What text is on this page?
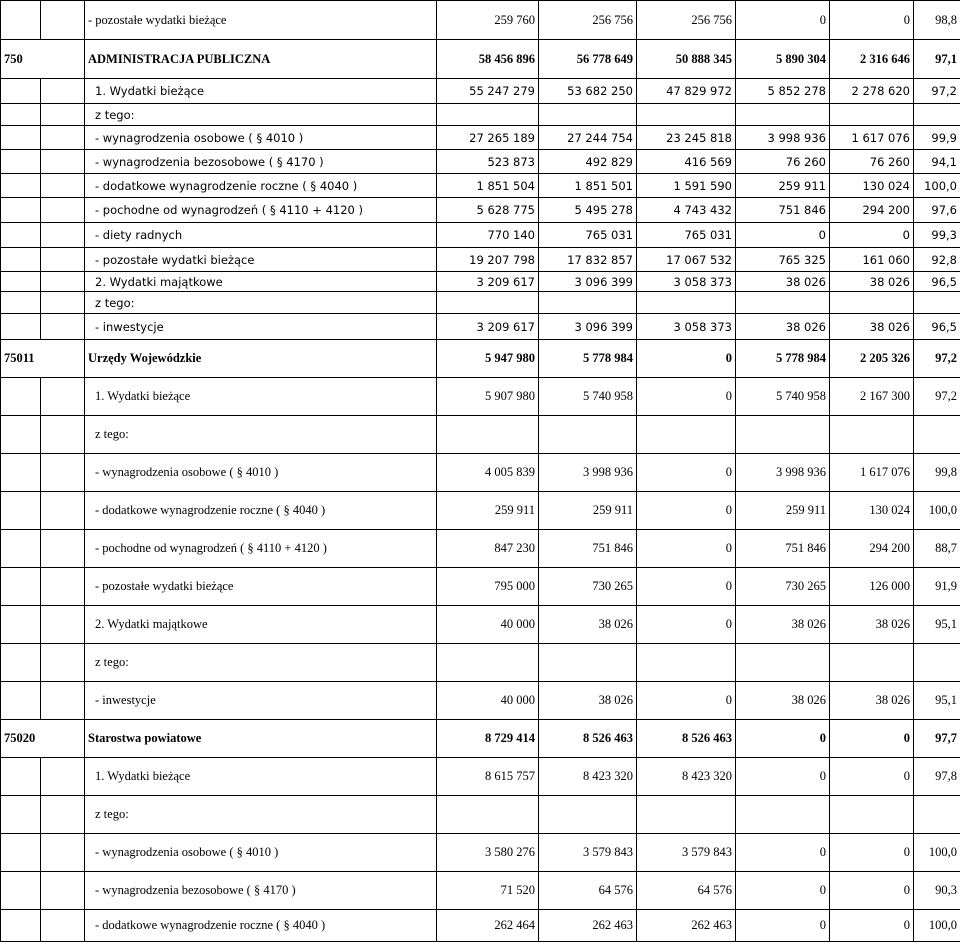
		- pozostałe wydatki bieżące	259 760	256 756	256 756	0	0	98,8
750		ADMINISTRACJA PUBLICZNA	58 456 896	56 778 649	50 888 345	5 890 304	2 316 646	97,1
		1. Wydatki bieżące	55 247 279	53 682 250	47 829 972	5 852 278	2 278 620	97,2
		z tego:						
		- wynagrodzenia osobowe ( § 4010 )	27 265 189	27 244 754	23 245 818	3 998 936	1 617 076	99,9
		- wynagrodzenia bezosobowe ( § 4170 )	523 873	492 829	416 569	76 260	76 260	94,1
		- dodatkowe wynagrodzenie roczne ( § 4040 )	1 851 504	1 851 501	1 591 590	259 911	130 024	100,0
		- pochodne od wynagrodzeń ( § 4110 + 4120 )	5 628 775	5 495 278	4 743 432	751 846	294 200	97,6
		- diety radnych	770 140	765 031	765 031	0	0	99,3
		- pozostałe wydatki bieżące	19 207 798	17 832 857	17 067 532	765 325	161 060	92,8
		2. Wydatki majątkowe	3 209 617	3 096 399	3 058 373	38 026	38 026	96,5
		z tego:						
		- inwestycje	3 209 617	3 096 399	3 058 373	38 026	38 026	96,5
75011		Urzędy Wojewódzkie	5 947 980	5 778 984	0	5 778 984	2 205 326	97,2
		1. Wydatki bieżące	5 907 980	5 740 958	0	5 740 958	2 167 300	97,2
		z tego:						
		- wynagrodzenia osobowe ( § 4010 )	4 005 839	3 998 936	0	3 998 936	1 617 076	99,8
		- dodatkowe wynagrodzenie roczne ( § 4040 )	259 911	259 911	0	259 911	130 024	100,0
		- pochodne od wynagrodzeń ( § 4110 + 4120 )	847 230	751 846	0	751 846	294 200	88,7
		- pozostałe wydatki bieżące	795 000	730 265	0	730 265	126 000	91,9
		2. Wydatki majątkowe	40 000	38 026	0	38 026	38 026	95,1
		z tego:						
		- inwestycje	40 000	38 026	0	38 026	38 026	95,1
75020		Starostwa powiatowe	8 729 414	8 526 463	8 526 463	0	0	97,7
		1. Wydatki bieżące	8 615 757	8 423 320	8 423 320	0	0	97,8
		z tego:						
		- wynagrodzenia osobowe ( § 4010 )	3 580 276	3 579 843	3 579 843	0	0	100,0
		- wynagrodzenia bezosobowe ( § 4170 )	71 520	64 576	64 576	0	0	90,3
		- dodatkowe wynagrodzenie roczne ( § 4040 )	262 464	262 463	262 463	0	0	100,0
